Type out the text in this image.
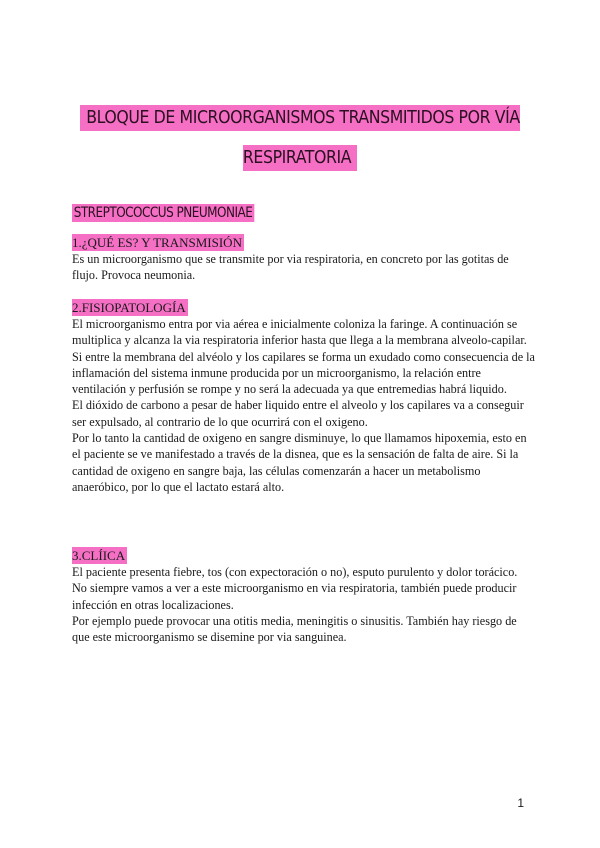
BLOQUE DE MICROORGANISMOS TRANSMITIDOS POR VÍA RESPIRATORIA
STREPTOCOCCUS PNEUMONIAE
1.¿QUÉ ES? Y TRANSMISIÓN
Es un microorganismo que se transmite por via respiratoria, en concreto por las gotitas de flujo. Provoca neumonia.
2.FISIOPATOLOGÍA
El microorganismo entra por via aérea e inicialmente coloniza la faringe. A continuación se multiplica y alcanza la via respiratoria inferior hasta que llega a la membrana alveolo-capilar. Si entre la membrana del alvéolo y los capilares se forma un exudado como consecuencia de la inflamación del sistema inmune producida por un microorganismo, la relación entre ventilación y perfusión se rompe y no será la adecuada ya que entremedias habrá liquido.
El dióxido de carbono a pesar de haber liquido entre el alveolo y los capilares va a conseguir ser expulsado, al contrario de lo que ocurrirá con el oxigeno.
Por lo tanto la cantidad de oxigeno en sangre disminuye, lo que llamamos hipoxemia, esto en el paciente se ve manifestado a través de la disnea, que es la sensación de falta de aire. Si la cantidad de oxigeno en sangre baja, las células comenzarán a hacer un metabolismo anaeróbico, por lo que el lactato estará alto.
3.CLÍICA
El paciente presenta fiebre, tos (con expectoración o no), esputo purulento y dolor torácico.
No siempre vamos a ver a este microorganismo en via respiratoria, también puede producir infección en otras localizaciones.
Por ejemplo puede provocar una otitis media, meningitis o sinusitis. También hay riesgo de que este microorganismo se disemine por via sanguinea.
1
